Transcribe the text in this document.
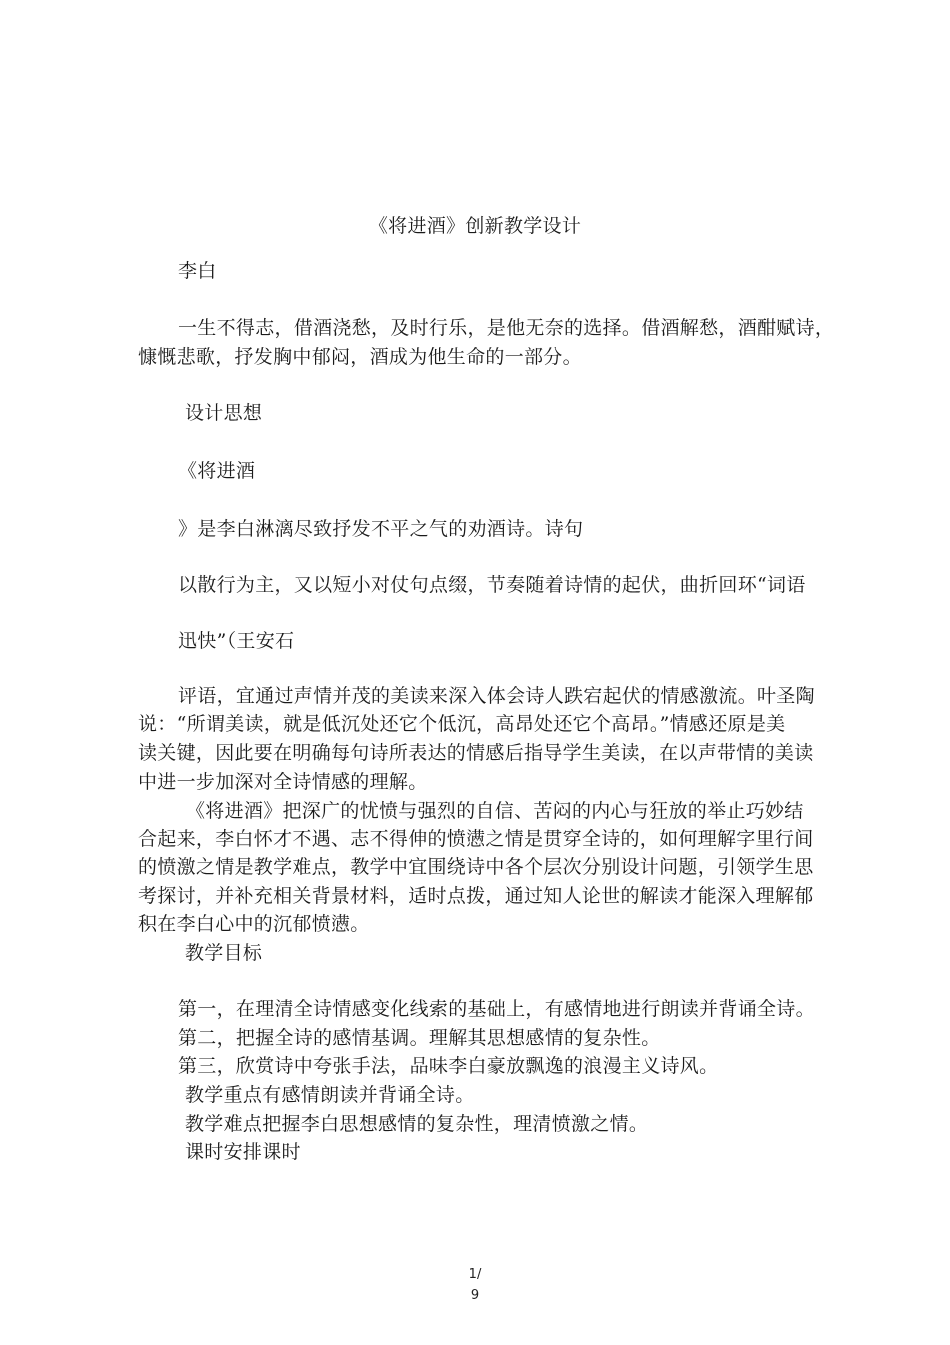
《将进酒》创新教学设计
李白
一生不得志，借酒浇愁，及时行乐，是他无奈的选择。借酒解愁，酒酣赋诗，
慷慨悲歌，抒发胸中郁闷，酒成为他生命的一部分。
设计思想
《将进酒
》是李白淋漓尽致抒发不平之气的劝酒诗。诗句
以散行为主，又以短小对仗句点缀，节奏随着诗情的起伏，曲折回环“词语
迅快”（王安石
评语，宜通过声情并茂的美读来深入体会诗人跌宕起伏的情感激流。叶圣陶
说：“所谓美读，就是低沉处还它个低沉，高昂处还它个高昂。”情感还原是美
读关键，因此要在明确每句诗所表达的情感后指导学生美读，在以声带情的美读
中进一步加深对全诗情感的理解。
《将进酒》把深广的忧愤与强烈的自信、苦闷的内心与狂放的举止巧妙结
合起来，李白怀才不遇、志不得伸的愤懑之情是贯穿全诗的，如何理解字里行间
的愤激之情是教学难点，教学中宜围绕诗中各个层次分别设计问题，引领学生思
考探讨，并补充相关背景材料，适时点拨，通过知人论世的解读才能深入理解郁
积在李白心中的沉郁愤懑。
教学目标
第一，在理清全诗情感变化线索的基础上，有感情地进行朗读并背诵全诗。
第二，把握全诗的感情基调。理解其思想感情的复杂性。
第三，欣赏诗中夸张手法，品味李白豪放飘逸的浪漫主义诗风。
教学重点有感情朗读并背诵全诗。
教学难点把握李白思想感情的复杂性，理清愤激之情。
课时安排课时
1/
9
